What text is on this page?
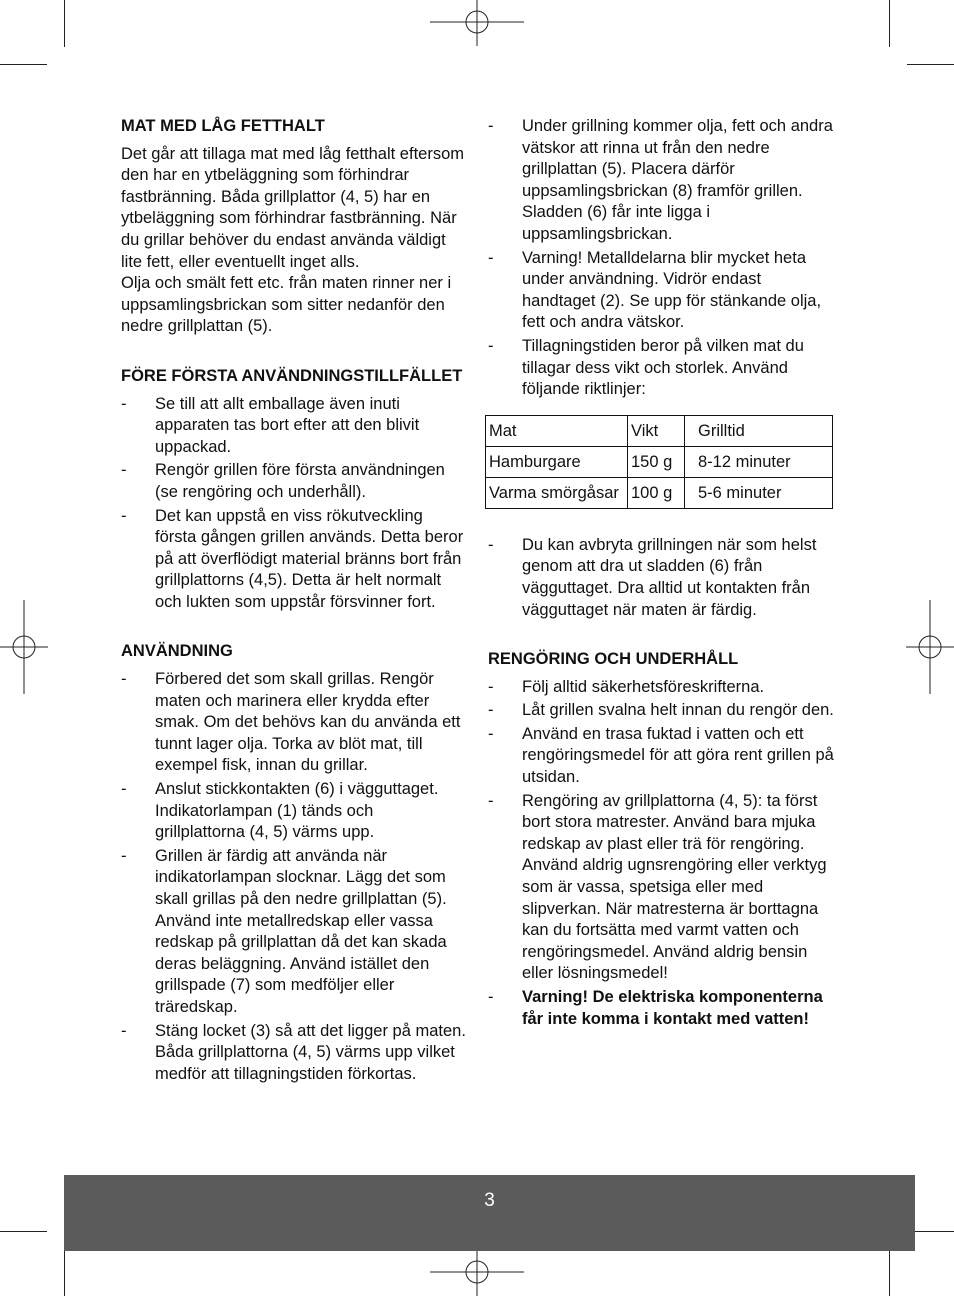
MAT MED LÅG FETTHALT

Det går att tillaga mat med låg fetthalt eftersom den har en ytbeläggning som förhindrar fastbränning. Båda grillplattor (4, 5) har en ytbeläggning som förhindrar fastbränning. När du grillar behöver du endast använda väldigt lite fett, eller eventuellt inget alls.

Olja och smält fett etc. från maten rinner ner i uppsamlingsbrickan som sitter nedanför den nedre grillplattan (5).

FÖRE FÖRSTA ANVÄNDNINGSTILLFÄLLET
- Se till att allt emballage även inuti apparaten tas bort efter att den blivit uppackad.
- Rengör grillen före första användningen (se rengöring och underhåll).
- Det kan uppstå en viss rökutveckling första gången grillen används. Detta beror på att överflödigt material bränns bort från grillplattorns (4,5). Detta är helt normalt och lukten som uppstår försvinner fort.
ANVÄNDNING
- Förbered det som skall grillas. Rengör maten och marinera eller krydda efter smak. Om det behövs kan du använda ett tunnt lager olja. Torka av blöt mat, till exempel fisk, innan du grillar.
- Anslut stickkontakten (6) i vägguttaget. Indikatorlampan (1) tänds och grillplattorna (4, 5) värms upp.
- Grillen är färdig att använda när indikatorlampan slocknar. Lägg det som skall grillas på den nedre grillplattan (5). Använd inte metallredskap eller vassa redskap på grillplattan då det kan skada deras beläggning. Använd istället den grillspade (7) som medföljer eller träredskap.
- Stäng locket (3) så att det ligger på maten. Båda grillplattorna (4, 5) värms upp vilket medför att tillagningstiden förkortas.
- Under grillning kommer olja, fett och andra vätskor att rinna ut från den nedre grillplattan (5). Placera därför uppsamlingsbrickan (8) framför grillen. Sladden (6) får inte ligga i uppsamlingsbrickan.
- Varning! Metalldelarna blir mycket heta under användning. Vidrör endast handtaget (2). Se upp för stänkande olja, fett och andra vätskor.
- Tillagningstiden beror på vilken mat du tillagar dess vikt och storlek. Använd följande riktlinjer:
Mat	Vikt	Grilltid
Hamburgare	150 g	8-12 minuter
Varma smörgåsar	100 g	5-6 minuter
- Du kan avbryta grillningen när som helst genom att dra ut sladden (6) från vägguttaget. Dra alltid ut kontakten från vägguttaget när maten är färdig.
RENGÖRING OCH UNDERHÅLL
- Följ alltid säkerhetsföreskrifterna.
- Låt grillen svalna helt innan du rengör den.
- Använd en trasa fuktad i vatten och ett rengöringsmedel för att göra rent grillen på utsidan.
- Rengöring av grillplattorna (4, 5): ta först bort stora matrester. Använd bara mjuka redskap av plast eller trä för rengöring. Använd aldrig ugnsrengöring eller verktyg som är vassa, spetsiga eller med slipverkan. När matresterna är borttagna kan du fortsätta med varmt vatten och rengöringsmedel. Använd aldrig bensin eller lösningsmedel!
- Varning! De elektriska komponenterna får inte komma i kontakt med vatten!
3
